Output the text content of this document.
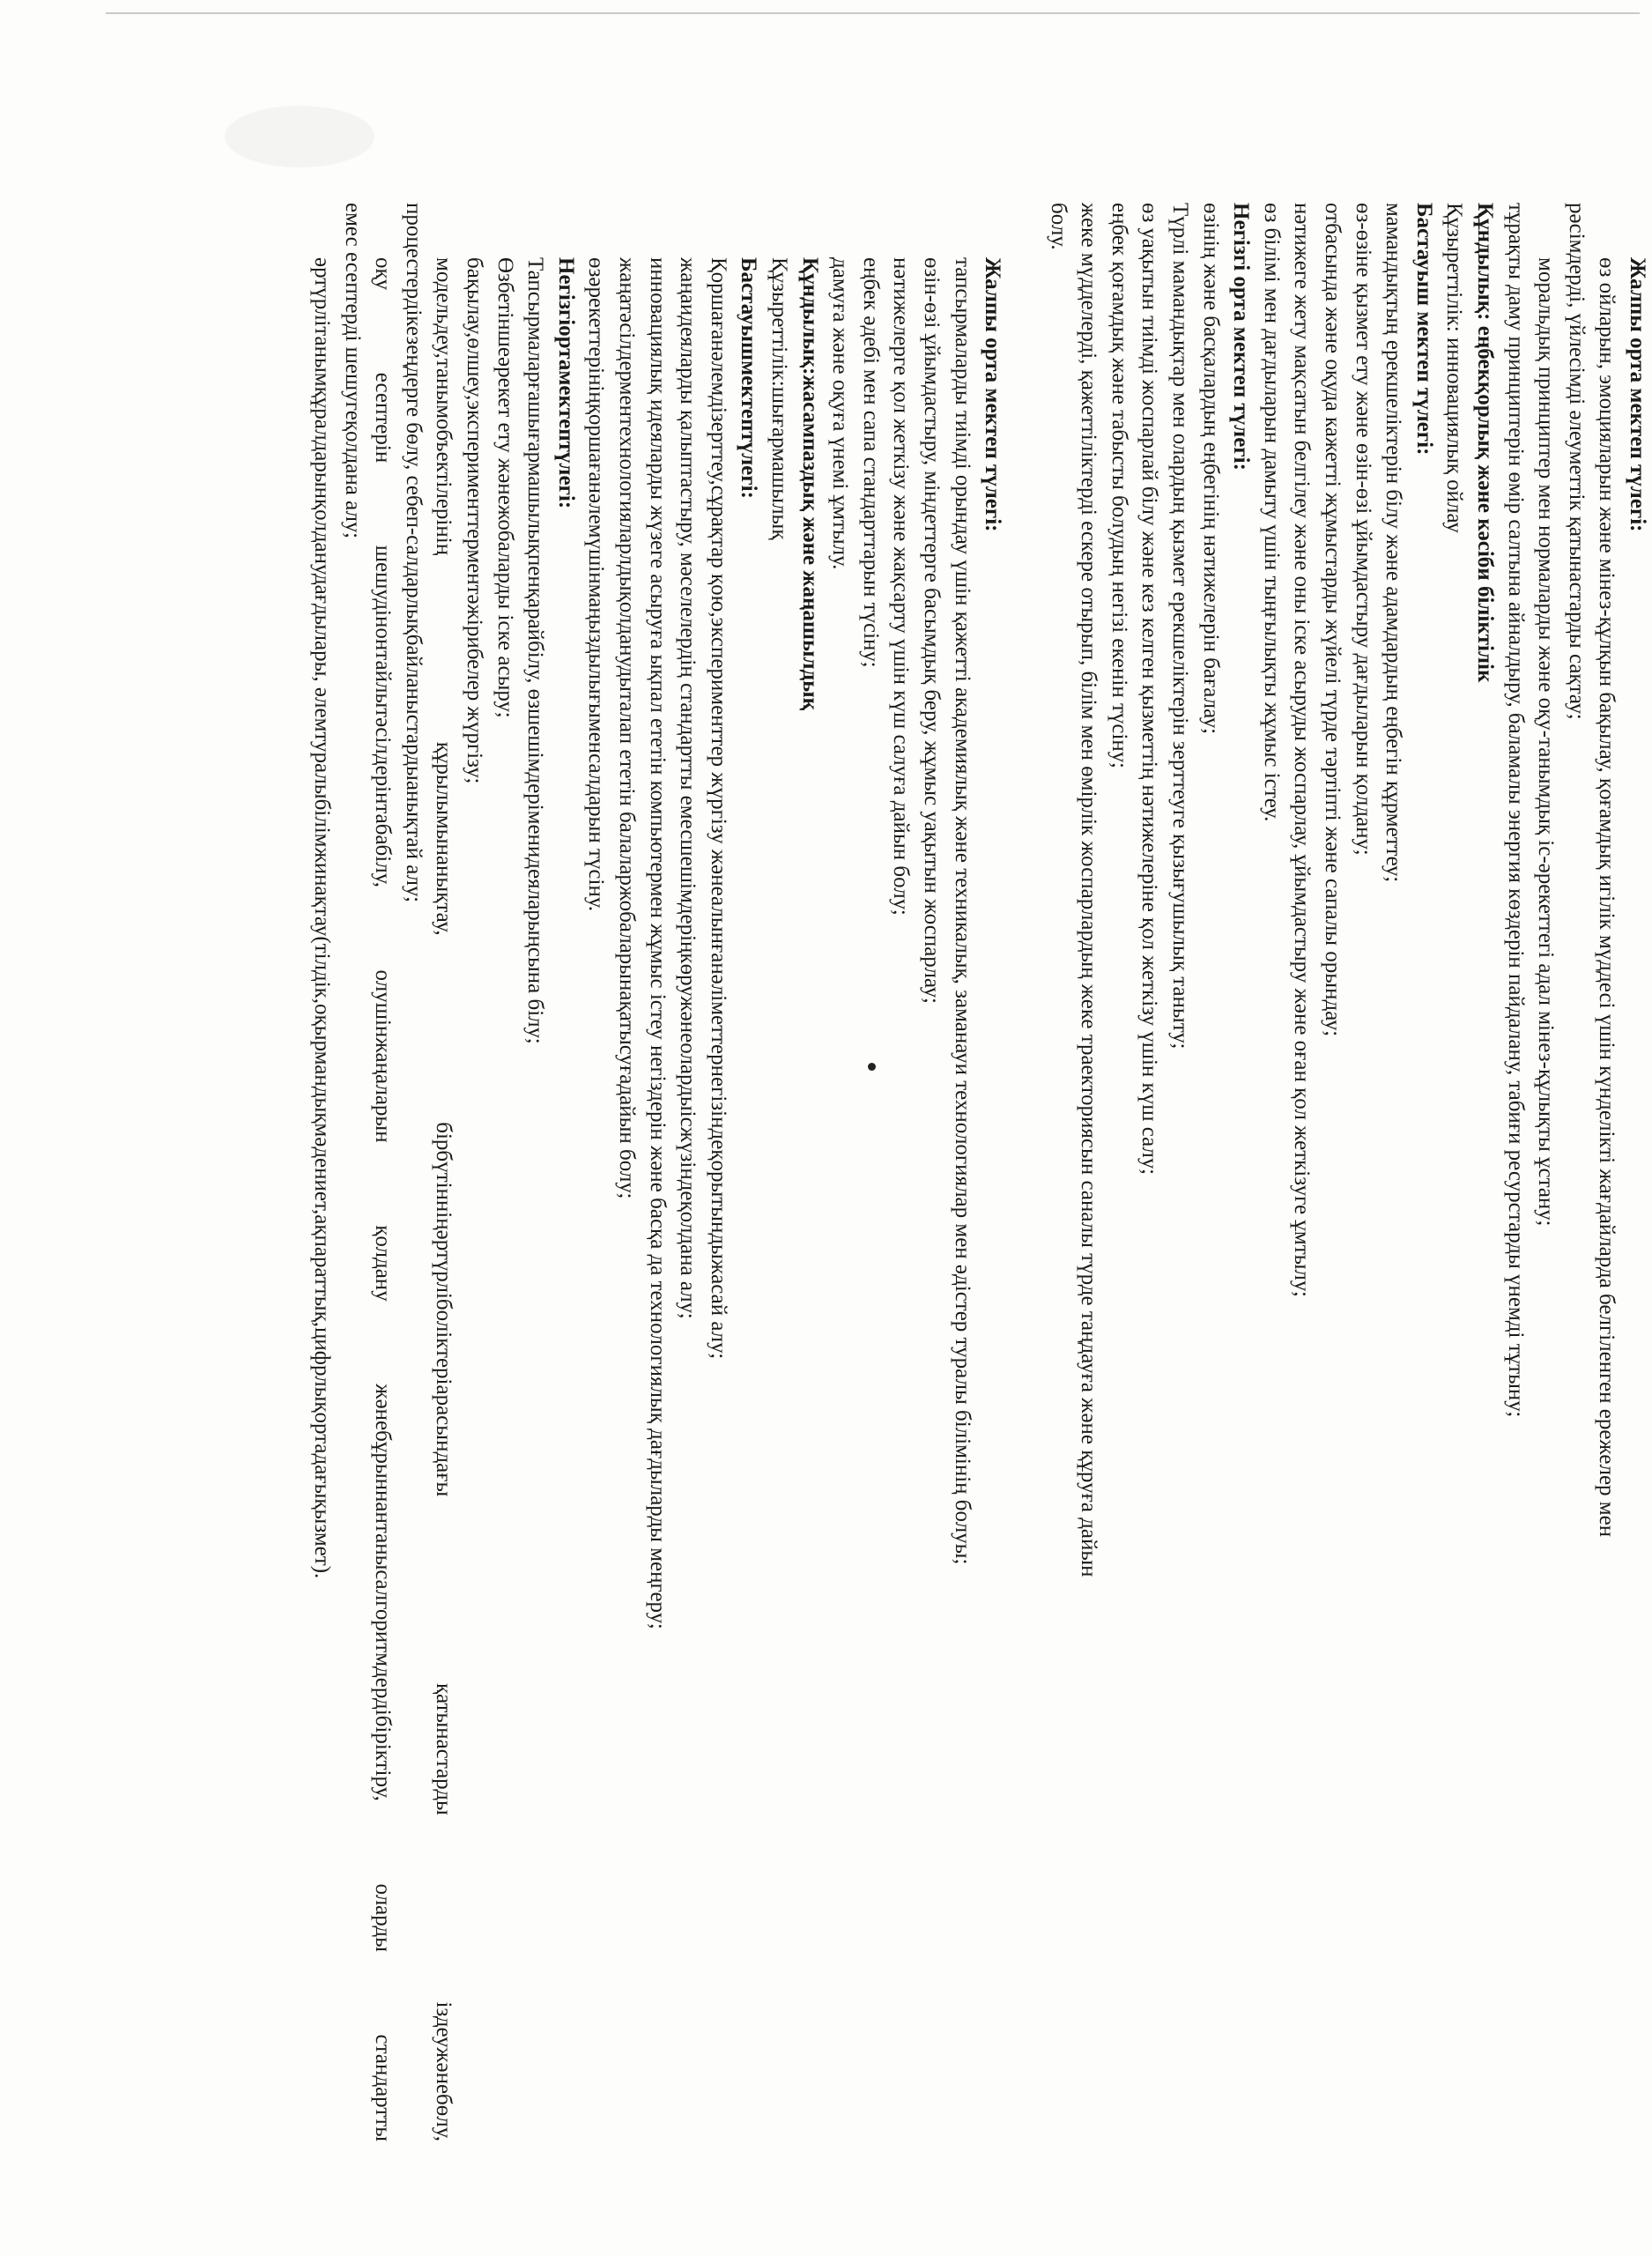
Жалпы орта мектеп түлегі:
өз ойларын, эмоцияларын және мінез-құлқын бақылау, қоғамдық игілік мүддесі үшін күнделікті жағдайларда белгіленген ережелер мен
рәсімдерді, үйлесімді әлеуметтік қатынастарды сақтау;
моральдық принциптер мен нормаларды және оқу-танымдық іс-әрекеттегі адал мінез-құлықты ұстану;
тұрақты даму принциптерін өмір салтына айналдыру, баламалы энергия көздерін пайдалану, табиғи ресурстарды үнемді тұтыну;
Құндылық: еңбекқорлық және кәсіби біліктілік
Құзыреттілік: инновациялық ойлау
Бастауыш мектеп түлегі:
мамандықтың ерекшеліктерін білу және адамдардың еңбегін құрметтеу;
өз-өзіне қызмет ету және өзін-өзі ұйымдастыру дағдыларын қолдану;
отбасында және оқуда кажетті жұмыстарды жүйелі түрде тәртіпті және сапалы орындау;
нәтижеге жету мақсатын белгілеу және оны іске асыруды жоспарлау, ұйымдастыру және оған қол жеткізуге ұмтылу;
өз білімі мен дағдыларын дамыту үшін тыңғылықты жұмыс істеу.
Негізгі орта мектеп түлегі:
өзінің және басқалардың еңбегінің нәтижелерін бағалау;
Түрлі мамандықтар мен олардың қызмет ерекшеліктерін зерттеуге қызығушылық таныту;
өз уақытын тиімді жоспарлай білу және кез келген қызметтің нәтижелеріне қол жеткізу үшін күш салу;
еңбек қоғамдық және табысты болудың негізі екенін түсіну;
жеке мүдделерді, қажеттіліктерді ескере отырып, білім мен өмірлік жоспарлардың жеке траекториясын саналы түрде таңдауға және құруға дайын
болу.
Жалпы орта мектеп түлегі:
тапсырмаларды тиімді орындау үшін қажетті академиялық және техникалық, заманауи технологиялар мен әдістер туралы білімінің болуы;
өзін-өзі ұйымдастыру, міндеттерге басымдық беру, жұмыс уақытын жоспарлау;
нәтижелерге қол жеткізу және жақсарту үшін күш салуға дайын болу;
еңбек әдебі мен сапа стандарттарын түсіну;
дамуға және оқуға үнемі ұмтылу.
Құндылық:жасампаздық және жаңашылдық
Құзыреттілік:шығармашылық
Бастауышмектептүлегі:
Қоршағанәлемдізерттеу,сұрақтар қою,эксперименттер жүргізу жәнеалынғанәліметтернегізіндеқорытындыжасай алу;
жаңаидеяларды қалыптастыру, мәселелердің стандартты емесшешімдеріңкөружәнеолардыісжүзіндеқолдана алу;
инновациялық идеяларды жүзеге асыруға ықпал ететін компьютермен жұмыс істеу негіздерін және басқа да технологиялық дағдыларды меңгеру;
жаңатәсілдерментехнологияларлдықолданудыталап ететін балаларжобаларынақатысуғадайын болу;
өзәрекеттерініңқоршағанәлемүшінмаңыздылығыменсалдарын түсіну.
Негізгіортамектептүлегі:
Тапсырмаларғашығармашылықпенқарайбілу, өзшешімдеріменидеяларыңсына білу;
Өзбетіншеәрекет ету жәнежобаларды іске асыру;
бақылау,өлшеу,эксперименттерментәжірибелер жүргізу;
модельдеу,танымобъектілерінің құрылымынанықтау, бірбүтінніңәртүрліболіктеріарасындағы қатынастарды іздеужәнебөлу,
процестердікезеңдерге бөлу, себеп-салдарлықбайланыстардыанықтай алу;
оқу есептерін шешудінонтайлытәсілдерінтабабілу, олушінжаңаларын қолдану жәнебұрыннантаныcалгоритмдердібіріктіру, оларды стандартты
емес есептерді шешугеқолдана алу;
әртүрлітанымқұралдарынқолданудағдылары, әлемтуралыбілімжинақтау(тілдік,оқырмандықмәдениет,ақпараттық,цифрлықортадағықызмет).
